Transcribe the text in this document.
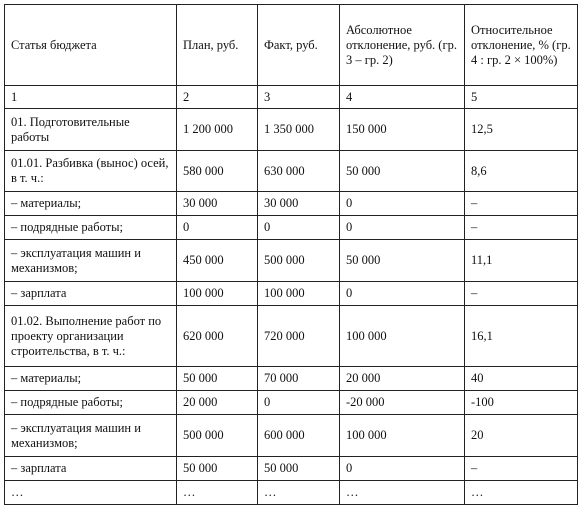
Статья бюджета	План, руб.	Факт, руб.	Абсолютное отклонение, руб. (гр. 3 – гр. 2)	Относительное отклонение, % (гр. 4 : гр. 2 × 100%)
1	2	3	4	5
01. Подготовительные работы	1 200 000	1 350 000	150 000	12,5
01.01. Разбивка (вынос) осей, в т. ч.:	580 000	630 000	50 000	8,6
– материалы;	30 000	30 000	0	–
– подрядные работы;	0	0	0	–
– эксплуатация машин и механизмов;	450 000	500 000	50 000	11,1
– зарплата	100 000	100 000	0	–
01.02. Выполнение работ по проекту организации строительства, в т. ч.:	620 000	720 000	100 000	16,1
– материалы;	50 000	70 000	20 000	40
– подрядные работы;	20 000	0	-20 000	-100
– эксплуатация машин и механизмов;	500 000	600 000	100 000	20
– зарплата	50 000	50 000	0	–
…	…	…	…	…
